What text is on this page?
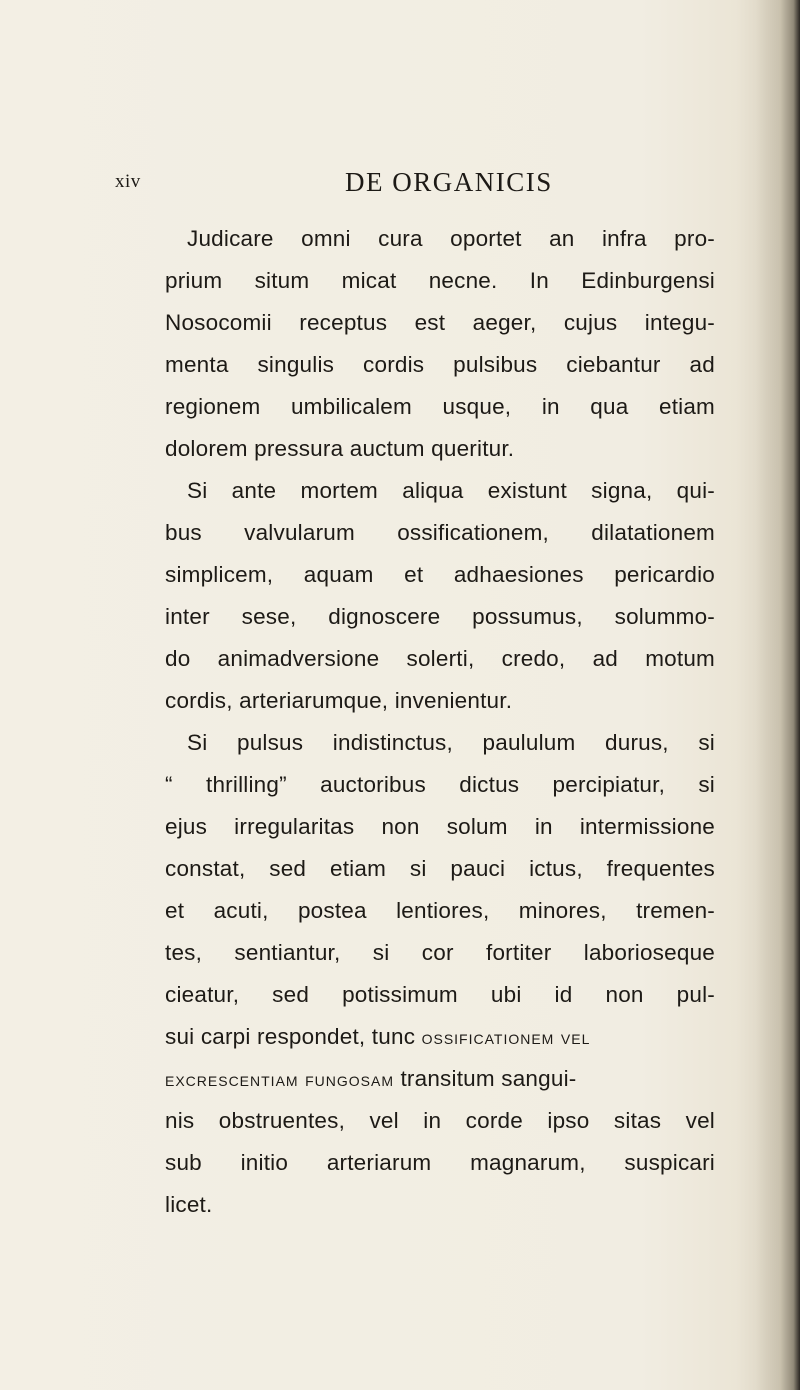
xiv	DE ORGANICIS
Judicare omni cura oportet an infra pro-
prium situm micat necne. In Edinburgensi
Nosocomii receptus est aeger, cujus integu-
menta singulis cordis pulsibus ciebantur ad
regionem umbilicalem usque, in qua etiam
dolorem pressura auctum queritur.
Si ante mortem aliqua existunt signa, qui-
bus valvularum ossificationem, dilatationem
simplicem, aquam et adhaesiones pericardio
inter sese, dignoscere possumus, solummo-
do animadversione solerti, credo, ad motum
cordis, arteriarumque, invenientur.
Si pulsus indistinctus, paululum durus, si
“ thrilling” auctoribus dictus percipiatur, si
ejus irregularitas non solum in intermissione
constat, sed etiam si pauci ictus, frequentes
et acuti, postea lentiores, minores, tremen-
tes, sentiantur, si cor fortiter laborioseque
cieatur, sed potissimum ubi id non pul-
sui carpi respondet, tunc ossificationem vel
excrescentiam fungosam transitum sangui-
nis obstruentes, vel in corde ipso sitas vel
sub initio arteriarum magnarum, suspicari
licet.
